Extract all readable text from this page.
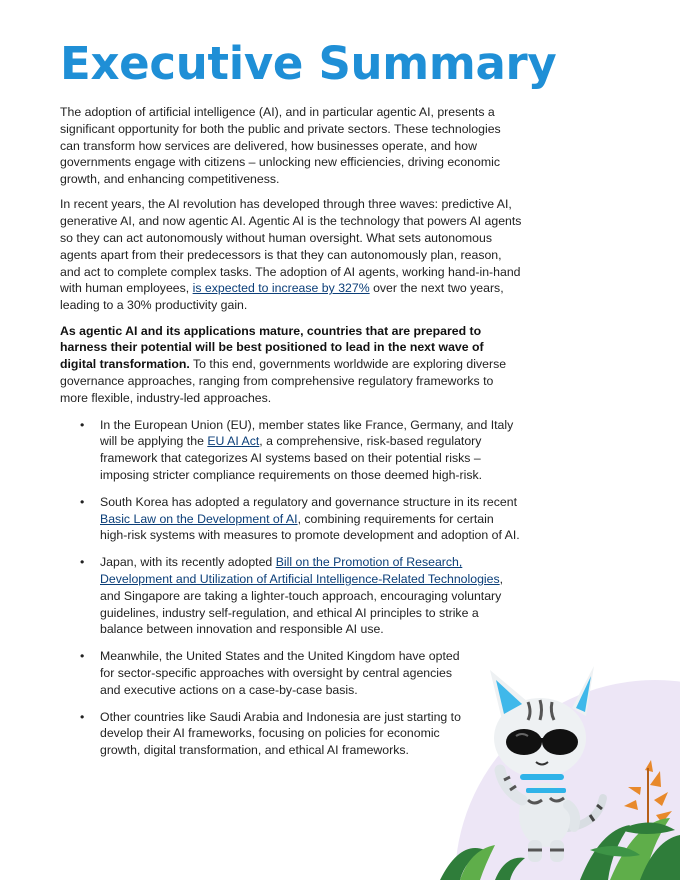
Executive Summary

The adoption of artificial intelligence (AI), and in particular agentic AI, presents a significant opportunity for both the public and private sectors. These technologies can transform how services are delivered, how businesses operate, and how governments engage with citizens – unlocking new efficiencies, driving economic growth, and enhancing competitiveness.

In recent years, the AI revolution has developed through three waves: predictive AI, generative AI, and now agentic AI. Agentic AI is the technology that powers AI agents so they can act autonomously without human oversight. What sets autonomous agents apart from their predecessors is that they can autonomously plan, reason, and act to complete complex tasks. The adoption of AI agents, working hand-in-hand with human employees, is expected to increase by 327% over the next two years, leading to a 30% productivity gain.

As agentic AI and its applications mature, countries that are prepared to harness their potential will be best positioned to lead in the next wave of digital transformation. To this end, governments worldwide are exploring diverse governance approaches, ranging from comprehensive regulatory frameworks to more flexible, industry-led approaches.

• In the European Union (EU), member states like France, Germany, and Italy will be applying the EU AI Act, a comprehensive, risk-based regulatory framework that categorizes AI systems based on their potential risks – imposing stricter compliance requirements on those deemed high-risk.
• South Korea has adopted a regulatory and governance structure in its recent Basic Law on the Development of AI, combining requirements for certain high-risk systems with measures to promote development and adoption of AI.
• Japan, with its recently adopted Bill on the Promotion of Research, Development and Utilization of Artificial Intelligence-Related Technologies, and Singapore are taking a lighter-touch approach, encouraging voluntary guidelines, industry self-regulation, and ethical AI principles to strike a balance between innovation and responsible AI use.
• Meanwhile, the United States and the United Kingdom have opted for sector-specific approaches with oversight by central agencies and executive actions on a case-by-case basis.
• Other countries like Saudi Arabia and Indonesia are just starting to develop their AI frameworks, focusing on policies for economic growth, digital transformation, and ethical AI frameworks.
